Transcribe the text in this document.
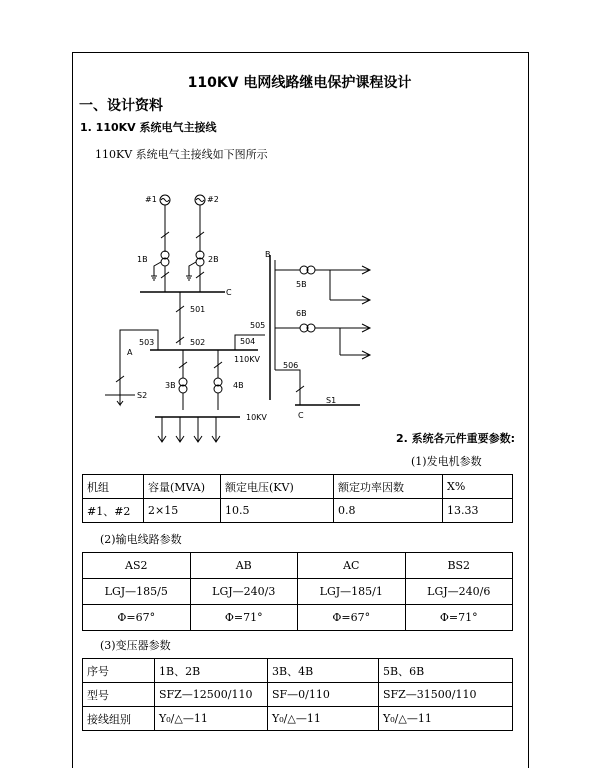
110KV 电网线路继电保护课程设计
一、设计资料
1. 110KV 系统电气主接线
110KV 系统电气主接线如下图所示
2. 系统各元件重要参数:
#1	#2
1B	2B
C
501
502
A
503
S2
504
110KV
3B	4B
10KV
505
B
5B
6B
506
S1
C
(1)发电机参数
机组	容量(MVA)	额定电压(KV)	额定功率因数	X%
#1、#2	2×15	10.5	0.8	13.33
(2)输电线路参数
AS2	AB	AC	BS2
LGJ—185/5	LGJ—240/3	LGJ—185/1	LGJ—240/6
Φ=67°	Φ=71°	Φ=67°	Φ=71°
(3)变压器参数
序号	1B、2B	3B、4B	5B、6B
型号	SFZ—12500/110	SF—0/110	SFZ—31500/110
接线组别	Y₀/△—11	Y₀/△—11	Y₀/△—11
